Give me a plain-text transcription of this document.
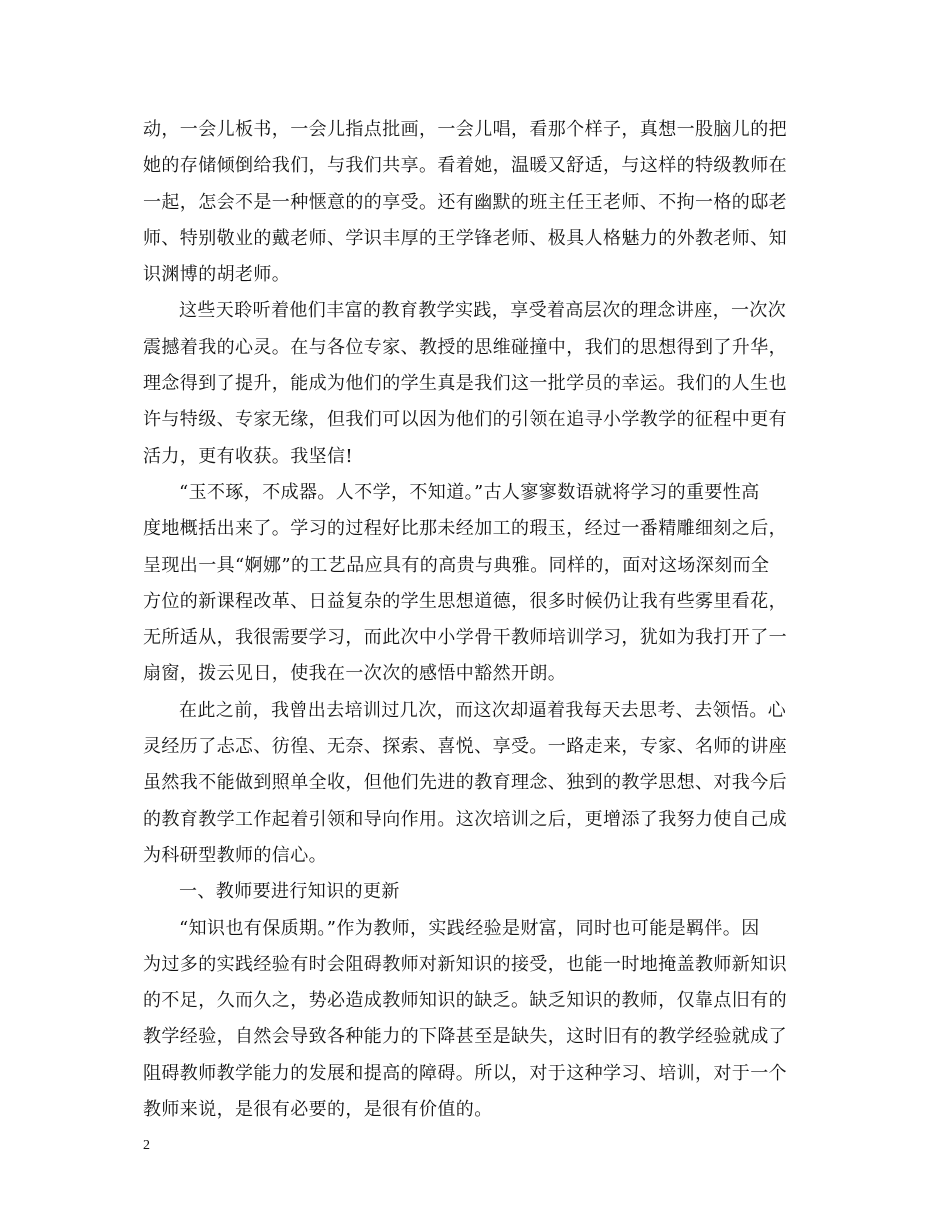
动，一会儿板书，一会儿指点批画，一会儿唱，看那个样子，真想一股脑儿的把
她的存储倾倒给我们，与我们共享。看着她，温暖又舒适，与这样的特级教师在
一起，怎会不是一种惬意的的享受。还有幽默的班主任王老师、不拘一格的邸老
师、特别敬业的戴老师、学识丰厚的王学锋老师、极具人格魅力的外教老师、知
识渊博的胡老师。
这些天聆听着他们丰富的教育教学实践，享受着高层次的理念讲座，一次次
震撼着我的心灵。在与各位专家、教授的思维碰撞中，我们的思想得到了升华，
理念得到了提升，能成为他们的学生真是我们这一批学员的幸运。我们的人生也
许与特级、专家无缘，但我们可以因为他们的引领在追寻小学教学的征程中更有
活力，更有收获。我坚信!
“玉不琢，不成器。人不学，不知道。”古人寥寥数语就将学习的重要性高
度地概括出来了。学习的过程好比那未经加工的瑕玉，经过一番精雕细刻之后，
呈现出一具“婀娜”的工艺品应具有的高贵与典雅。同样的，面对这场深刻而全
方位的新课程改革、日益复杂的学生思想道德，很多时候仍让我有些雾里看花，
无所适从，我很需要学习，而此次中小学骨干教师培训学习，犹如为我打开了一
扇窗，拨云见日，使我在一次次的感悟中豁然开朗。
在此之前，我曾出去培训过几次，而这次却逼着我每天去思考、去领悟。心
灵经历了忐忑、彷徨、无奈、探索、喜悦、享受。一路走来，专家、名师的讲座
虽然我不能做到照单全收，但他们先进的教育理念、独到的教学思想、对我今后
的教育教学工作起着引领和导向作用。这次培训之后，更增添了我努力使自己成
为科研型教师的信心。
一、教师要进行知识的更新
“知识也有保质期。”作为教师，实践经验是财富，同时也可能是羁伴。因
为过多的实践经验有时会阻碍教师对新知识的接受，也能一时地掩盖教师新知识
的不足，久而久之，势必造成教师知识的缺乏。缺乏知识的教师，仅靠点旧有的
教学经验，自然会导致各种能力的下降甚至是缺失，这时旧有的教学经验就成了
阻碍教师教学能力的发展和提高的障碍。所以，对于这种学习、培训，对于一个
教师来说，是很有必要的，是很有价值的。
2
